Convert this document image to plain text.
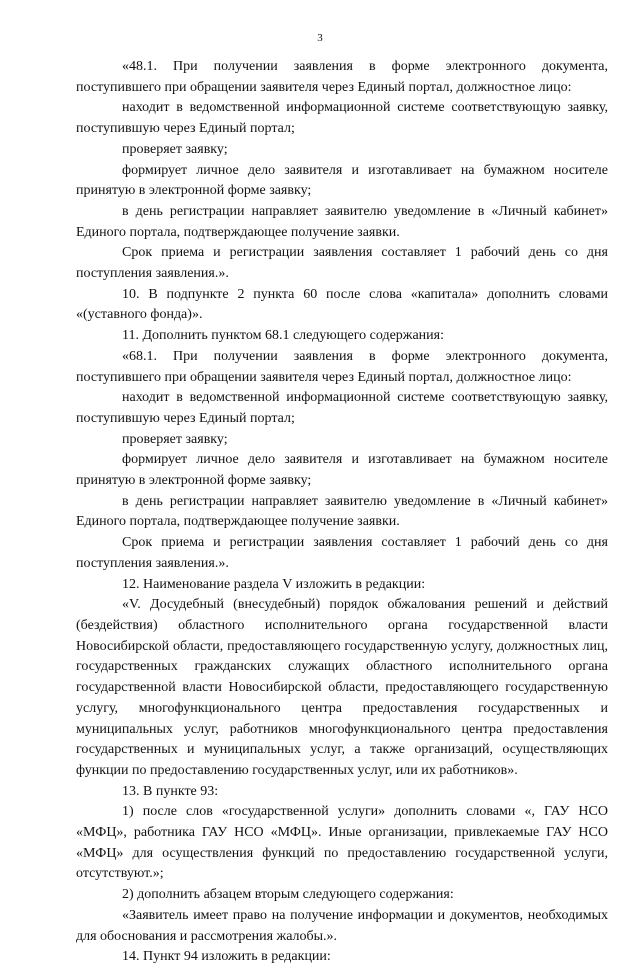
3

«48.1. При получении заявления в форме электронного документа, поступившего при обращении заявителя через Единый портал, должностное лицо:

находит в ведомственной информационной системе соответствующую заявку, поступившую через Единый портал;

проверяет заявку;

формирует личное дело заявителя и изготавливает на бумажном носителе принятую в электронной форме заявку;

в день регистрации направляет заявителю уведомление в «Личный кабинет» Единого портала, подтверждающее получение заявки.

Срок приема и регистрации заявления составляет 1 рабочий день со дня поступления заявления.».

10. В подпункте 2 пункта 60 после слова «капитала» дополнить словами «(уставного фонда)».

11. Дополнить пунктом 68.1 следующего содержания:

«68.1. При получении заявления в форме электронного документа, поступившего при обращении заявителя через Единый портал, должностное лицо:

находит в ведомственной информационной системе соответствующую заявку, поступившую через Единый портал;

проверяет заявку;

формирует личное дело заявителя и изготавливает на бумажном носителе принятую в электронной форме заявку;

в день регистрации направляет заявителю уведомление в «Личный кабинет» Единого портала, подтверждающее получение заявки.

Срок приема и регистрации заявления составляет 1 рабочий день со дня поступления заявления.».

12. Наименование раздела V изложить в редакции:

«V. Досудебный (внесудебный) порядок обжалования решений и действий (бездействия) областного исполнительного органа государственной власти Новосибирской области, предоставляющего государственную услугу, должностных лиц, государственных гражданских служащих областного исполнительного органа государственной власти Новосибирской области, предоставляющего государственную услугу, многофункционального центра предоставления государственных и муниципальных услуг, работников многофункционального центра предоставления государственных и муниципальных услуг, а также организаций, осуществляющих функции по предоставлению государственных услуг, или их работников».

13. В пункте 93:

1) после слов «государственной услуги» дополнить словами «, ГАУ НСО «МФЦ», работника ГАУ НСО «МФЦ». Иные организации, привлекаемые ГАУ НСО «МФЦ» для осуществления функций по предоставлению государственной услуги, отсутствуют.»;

2) дополнить абзацем вторым следующего содержания:

«Заявитель имеет право на получение информации и документов, необходимых для обоснования и рассмотрения жалобы.».

14. Пункт 94 изложить в редакции:
